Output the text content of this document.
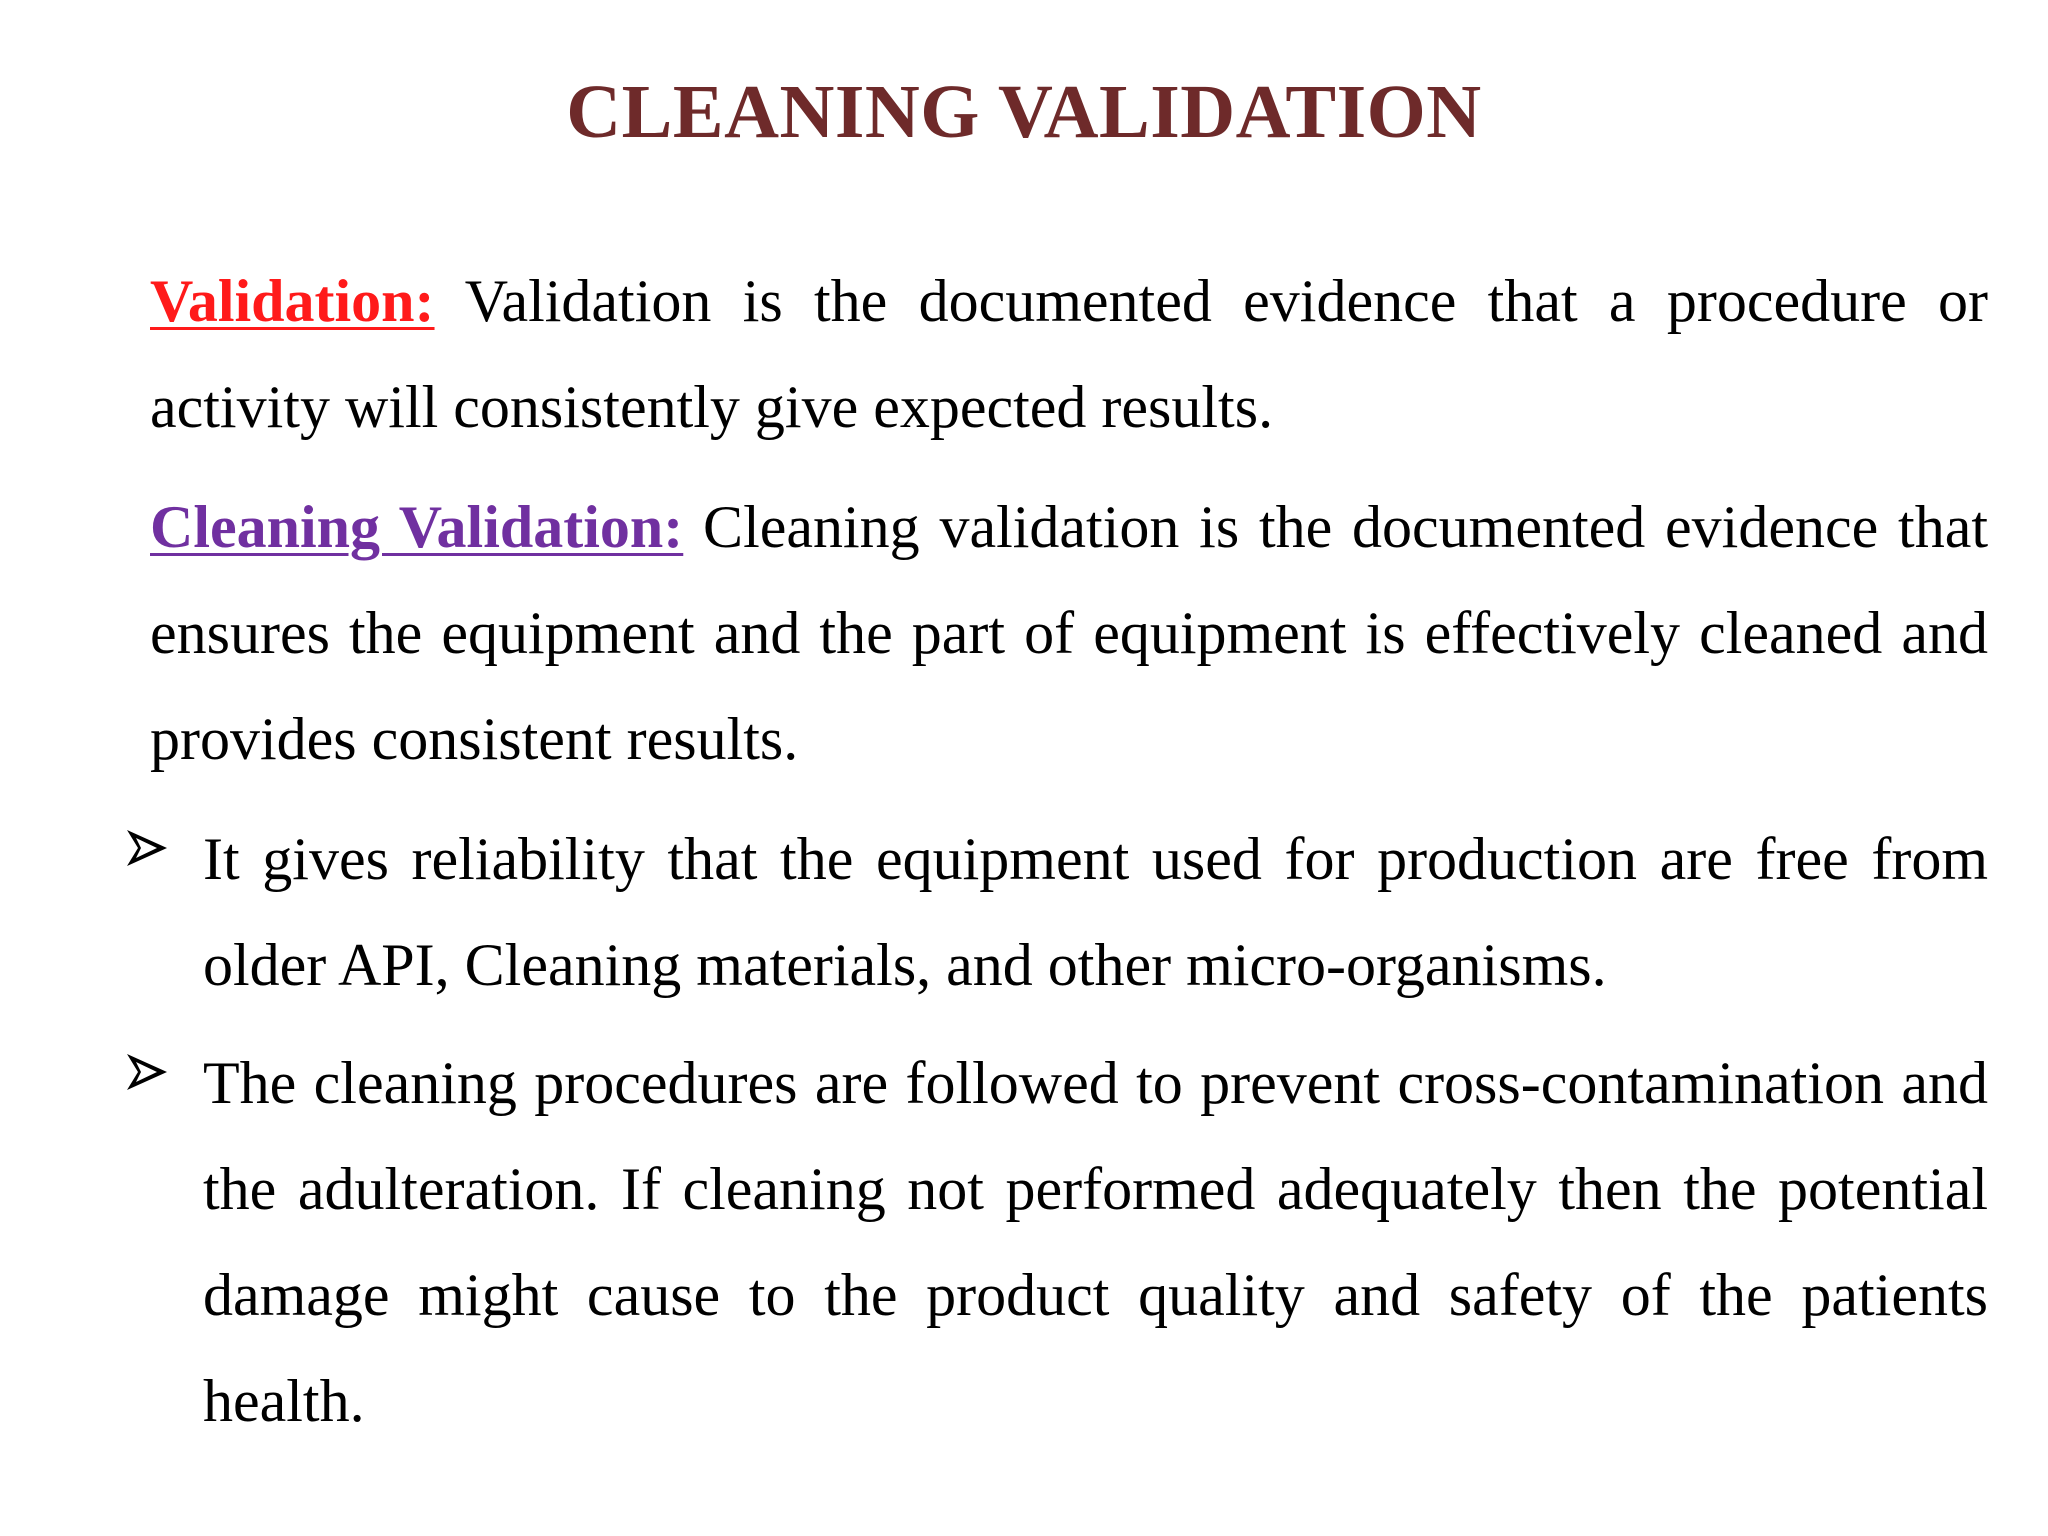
CLEANING VALIDATION

Validation: Validation is the documented evidence that a procedure or activity will consistently give expected results.

Cleaning Validation: Cleaning validation is the documented evidence that ensures the equipment and the part of equipment is effectively cleaned and provides consistent results.

It gives reliability that the equipment used for production are free from older API, Cleaning materials, and other micro-organisms.

The cleaning procedures are followed to prevent cross-contamination and the adulteration. If cleaning not performed adequately then the potential damage might cause to the product quality and safety of the patients health.
